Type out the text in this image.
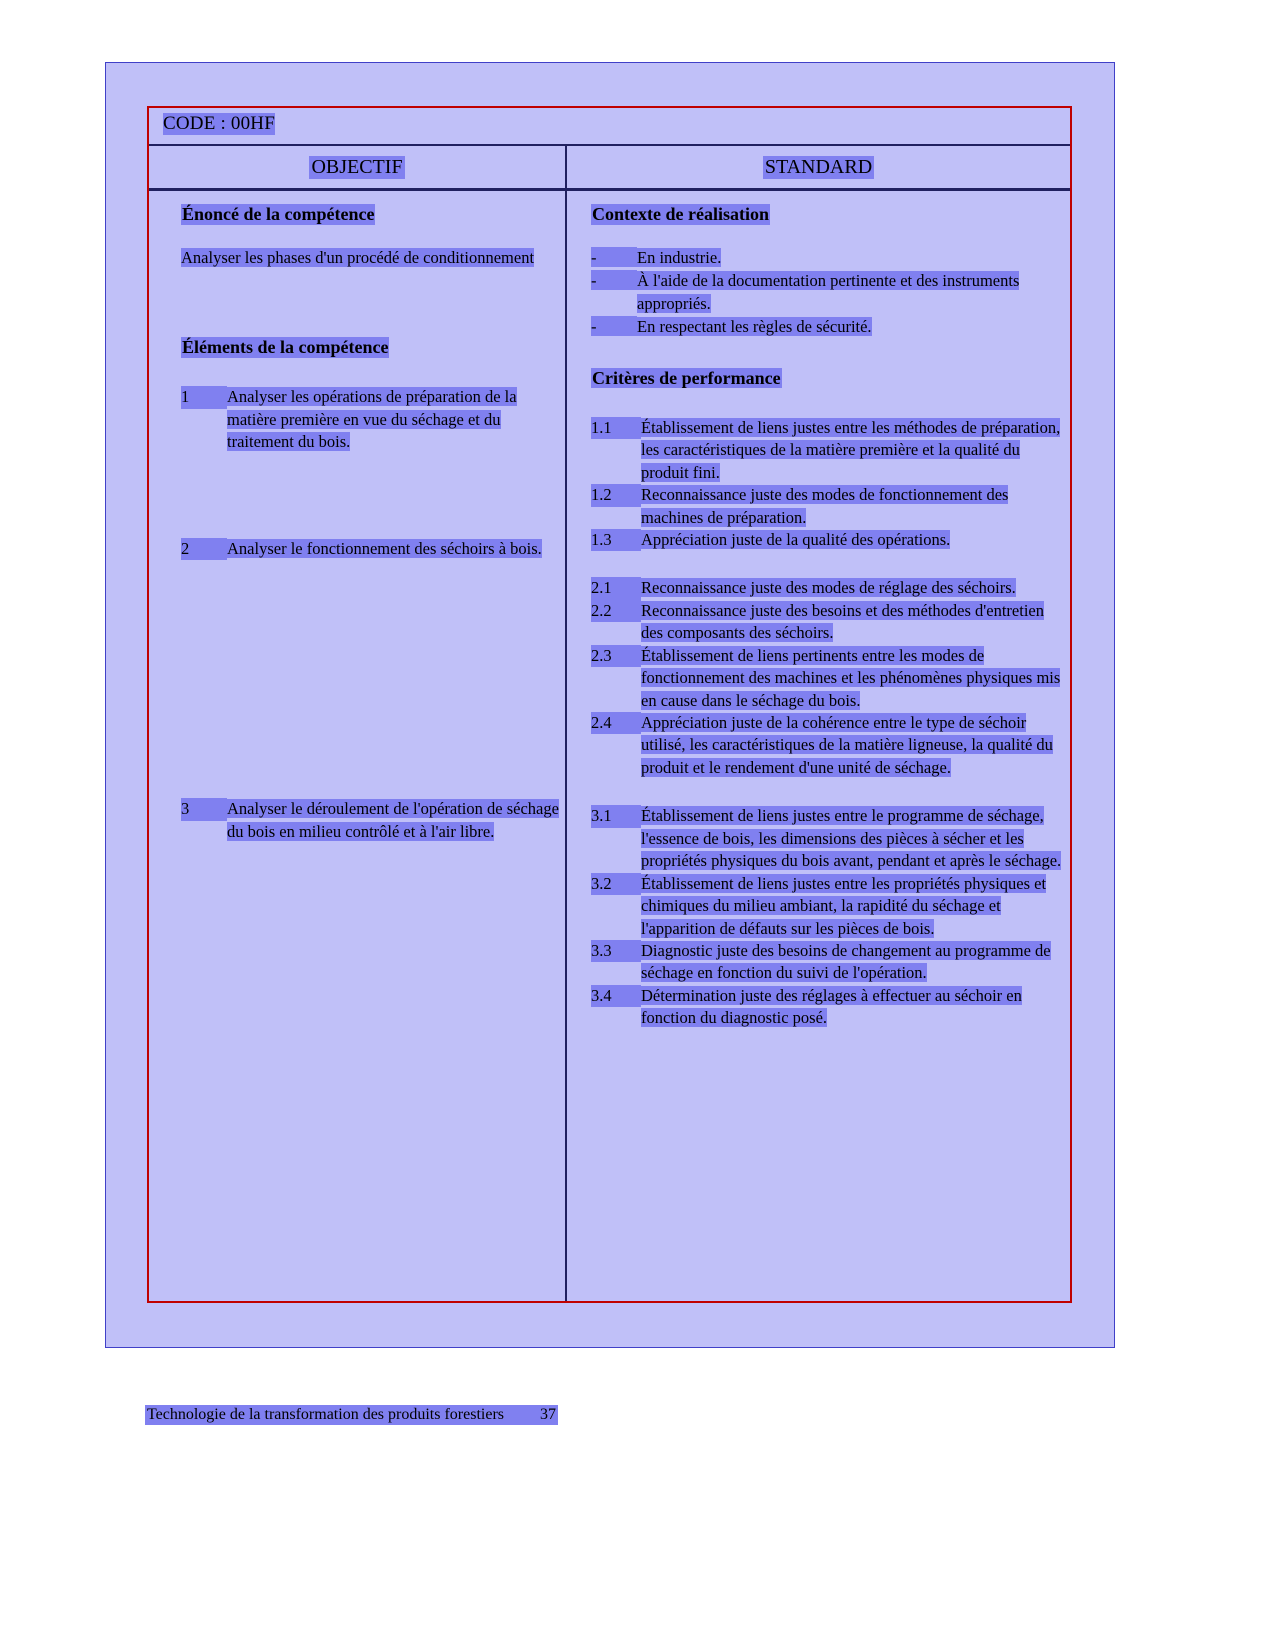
CODE : 00HF
OBJECTIF	STANDARD
Énoncé de la compétence
Analyser les phases d'un procédé de conditionnement
Éléments de la compétence
1	Analyser les opérations de préparation de la matière première en vue du séchage et du traitement du bois.
2	Analyser le fonctionnement des séchoirs à bois.
3	Analyser le déroulement de l'opération de séchage du bois en milieu contrôlé et à l'air libre.
Contexte de réalisation
-	En industrie.
-	À l'aide de la documentation pertinente et des instruments appropriés.
-	En respectant les règles de sécurité.
Critères de performance
1.1	Établissement de liens justes entre les méthodes de préparation, les caractéristiques de la matière première et la qualité du produit fini.
1.2	Reconnaissance juste des modes de fonctionnement des machines de préparation.
1.3	Appréciation juste de la qualité des opérations.
2.1	Reconnaissance juste des modes de réglage des séchoirs.
2.2	Reconnaissance juste des besoins et des méthodes d'entretien des composants des séchoirs.
2.3	Établissement de liens pertinents entre les modes de fonctionnement des machines et les phénomènes physiques mis en cause dans le séchage du bois.
2.4	Appréciation juste de la cohérence entre le type de séchoir utilisé, les caractéristiques de la matière ligneuse, la qualité du produit et le rendement d'une unité de séchage.
3.1	Établissement de liens justes entre le programme de séchage, l'essence de bois, les dimensions des pièces à sécher et les propriétés physiques du bois avant, pendant et après le séchage.
3.2	Établissement de liens justes entre les propriétés physiques et chimiques du milieu ambiant, la rapidité du séchage et l'apparition de défauts sur les pièces de bois.
3.3	Diagnostic juste des besoins de changement au programme de séchage en fonction du suivi de l'opération.
3.4	Détermination juste des réglages à effectuer au séchoir en fonction du diagnostic posé.
Technologie de la transformation des produits forestiers 37
